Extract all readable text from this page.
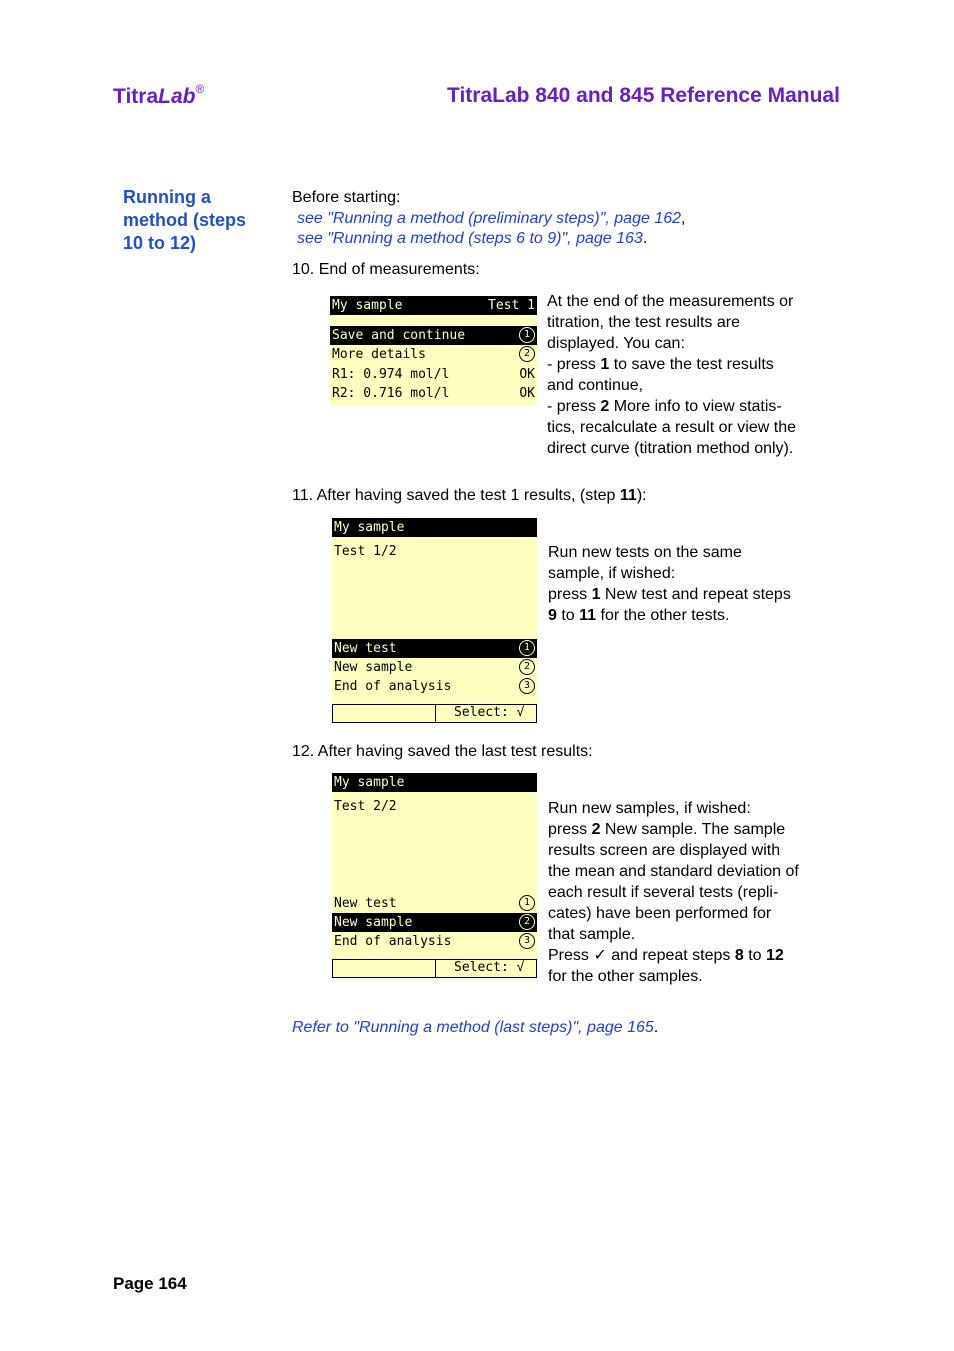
TitraLab®	TitraLab 840 and 845 Reference Manual
Running a
method (steps
10 to 12)
Before starting:
see "Running a method (preliminary steps)", page 162,
see "Running a method (steps 6 to 9)", page 163.
10. End of measurements:
My sample	Test 1
Save and continue	1
More details	2
R1: 0.974 mol/l	OK
R2: 0.716 mol/l	OK
At the end of the measurements or
titration, the test results are
displayed. You can:
- press 1 to save the test results
and continue,
- press 2 More info to view statis-
tics, recalculate a result or view the
direct curve (titration method only).
11. After having saved the test 1 results, (step 11):
My sample
Test 1/2
New test	1
New sample	2
End of analysis	3
Select: √
Run new tests on the same
sample, if wished:
press 1 New test and repeat steps
9 to 11 for the other tests.
12. After having saved the last test results:
My sample
Test 2/2
New test	1
New sample	2
End of analysis	3
Select: √
Run new samples, if wished:
press 2 New sample. The sample
results screen are displayed with
the mean and standard deviation of
each result if several tests (repli-
cates) have been performed for
that sample.
Press ✓ and repeat steps 8 to 12
for the other samples.
Refer to "Running a method (last steps)", page 165.
Page 164
